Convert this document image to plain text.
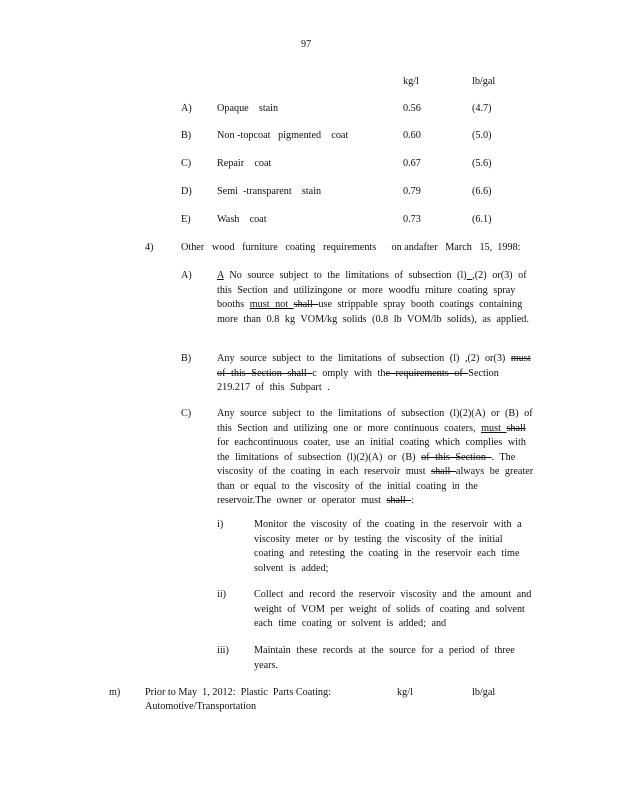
97
kg/l	lb/gal
A) Opaque    stain	0.56	(4.7)
B)	Non -topcoat   pigmented    coat	0.60	(5.0)
C)	Repair    coat	0.67	(5.6)
D) Semi  -transparent    stain	0.79	(6.6)
E)	Wash    coat	0.73	(6.1)
4)	Other   wood   furniture   coating   requirements      on andafter   March   15,  1998:
A) A No source subject to the limitations of subsection (l) ,(2) or(3) of this Section and utilizingone or more woodfu rniture coating spray booths must not shall use strippable spray booth coatings containing more than 0.8 kg VOM/kg solids (0.8 lb VOM/lb solids), as applied.
B)	Any source subject to the limitations of subsection (l) ,(2) or(3) must of this Section shall c omply with the requirements of Section 219.217 of this Subpart .
C)	Any source subject to the limitations of subsection (l)(2)(A) or (B) of this Section and utilizing one or more continuous coaters, must shall for eachcontinuous coater, use an initial coating which complies with the limitations of subsection (l)(2)(A) or (B) of this Section . The viscosity of the coating in each reservoir must shall always be greater than or equal to the viscosity of the initial coating in the reservoir.The owner or operator must shall :
i)	Monitor the viscosity of the coating in the reservoir with a viscosity meter or by testing the viscosity of the initial coating and retesting the coating in the reservoir each time solvent is added;
ii)	Collect and record the reservoir viscosity and the amount and weight of VOM per weight of solids of coating and solvent each time coating or solvent is added; and
iii) Maintain these records at the source for a period of three years.
m) Prior to May  1, 2012:  Plastic  Parts Coating:
Automotive/Transportation
kg/l	lb/gal
